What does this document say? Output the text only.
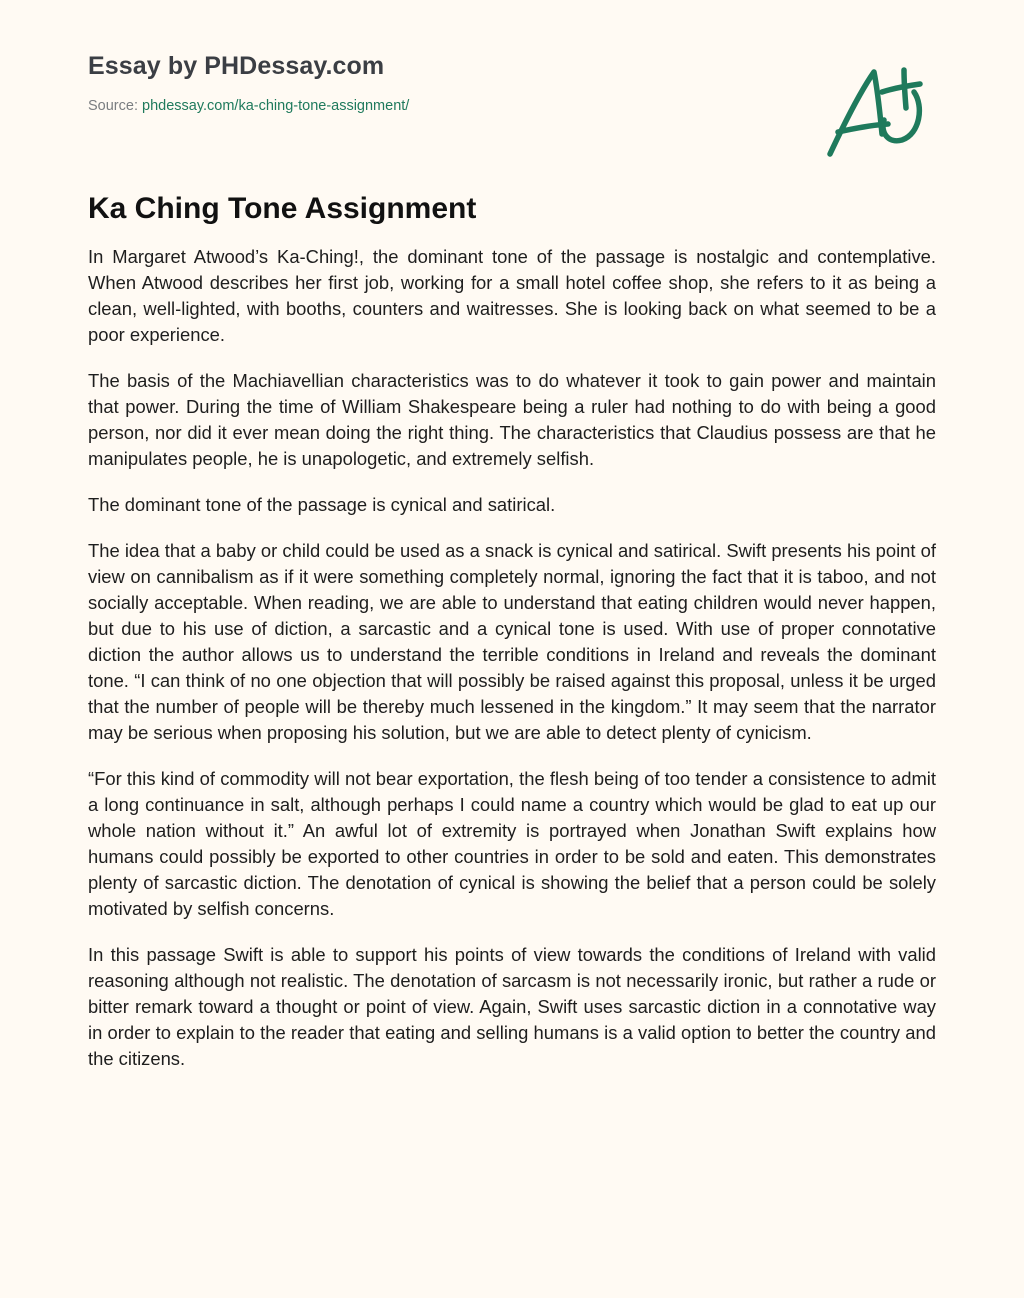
Essay by PHDessay.com
Source: phdessay.com/ka-ching-tone-assignment/
Ka Ching Tone Assignment

In Margaret Atwood’s Ka-Ching!, the dominant tone of the passage is nostalgic and contemplative. When Atwood describes her first job, working for a small hotel coffee shop, she refers to it as being a clean, well-lighted, with booths, counters and waitresses. She is looking back on what seemed to be a poor experience.

The basis of the Machiavellian characteristics was to do whatever it took to gain power and maintain that power. During the time of William Shakespeare being a ruler had nothing to do with being a good person, nor did it ever mean doing the right thing. The characteristics that Claudius possess are that he manipulates people, he is unapologetic, and extremely selfish.

The dominant tone of the passage is cynical and satirical.

The idea that a baby or child could be used as a snack is cynical and satirical. Swift presents his point of view on cannibalism as if it were something completely normal, ignoring the fact that it is taboo, and not socially acceptable. When reading, we are able to understand that eating children would never happen, but due to his use of diction, a sarcastic and a cynical tone is used. With use of proper connotative diction the author allows us to understand the terrible conditions in Ireland and reveals the dominant tone. “I can think of no one objection that will possibly be raised against this proposal, unless it be urged that the number of people will be thereby much lessened in the kingdom.” It may seem that the narrator may be serious when proposing his solution, but we are able to detect plenty of cynicism.

“For this kind of commodity will not bear exportation, the flesh being of too tender a consistence to admit a long continuance in salt, although perhaps I could name a country which would be glad to eat up our whole nation without it.” An awful lot of extremity is portrayed when Jonathan Swift explains how humans could possibly be exported to other countries in order to be sold and eaten. This demonstrates plenty of sarcastic diction. The denotation of cynical is showing the belief that a person could be solely motivated by selfish concerns.

In this passage Swift is able to support his points of view towards the conditions of Ireland with valid reasoning although not realistic. The denotation of sarcasm is not necessarily ironic, but rather a rude or bitter remark toward a thought or point of view. Again, Swift uses sarcastic diction in a connotative way in order to explain to the reader that eating and selling humans is a valid option to better the country and the citizens.
